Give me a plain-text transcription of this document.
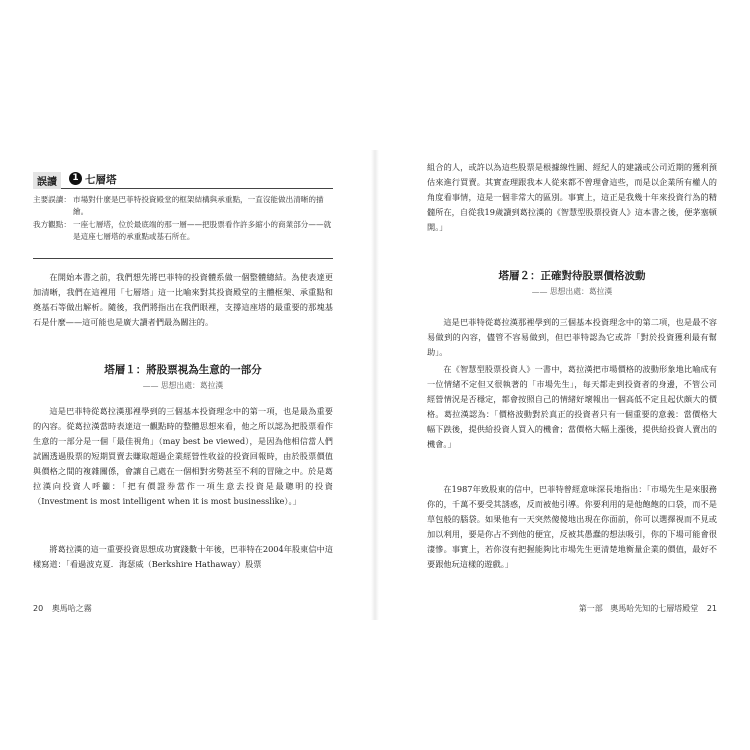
誤讀	1 七層塔
主要誤讀： 市場對什麼是巴菲特投資殿堂的框架結構與承重點，一直沒能做出清晰的描繪。
我方觀點： 一座七層塔，位於最底端的那一層——把股票看作許多縮小的商業部分——就是這座七層塔的承重點或基石所在。

在開始本書之前，我們想先將巴菲特的投資體系做一個整體總結。為使表達更加清晰，我們在這裡用「七層塔」這一比喻來對其投資殿堂的主體框架、承重點和奠基石等做出解析。隨後，我們將指出在我們眼裡，支撐這座塔的最重要的那塊基石是什麼——這可能也是廣大讀者們最為關注的。

塔層１：將股票視為生意的一部分
—— 思想出處：葛拉漢

這是巴菲特從葛拉漢那裡學到的三個基本投資理念中的第一項，也是最為重要的內容。從葛拉漢當時表達這一觀點時的整體思想來看，他之所以認為把股票看作生意的一部分是一個「最佳視角」（may best be viewed），是因為他相信當人們試圖透過股票的短期買賣去賺取超過企業經營性收益的投資回報時，由於股票價值與價格之間的複雜關係，會讓自己處在一個相對劣勢甚至不利的冒險之中。於是葛拉漢向投資人呼籲：「把有價證券當作一項生意去投資是最聰明的投資（Investment is most intelligent when it is most businesslike）。」

將葛拉漢的這一重要投資思想成功實踐數十年後，巴菲特在2004年股東信中這樣寫道：「看過波克夏．海瑟威（Berkshire Hathaway）股票

20 奧馬哈之霧

組合的人，或許以為這些股票是根據線性圖、經紀人的建議或公司近期的獲利預估來進行買賣。其實查理跟我本人從來都不曾理會這些，而是以企業所有權人的角度看事情，這是一個非常大的區別。事實上，這正是我幾十年來投資行為的精髓所在，自從我19歲讀到葛拉漢的《智慧型股票投資人》這本書之後，便茅塞頓開。」

塔層２：正確對待股票價格波動
—— 思想出處：葛拉漢

這是巴菲特從葛拉漢那裡學到的三個基本投資理念中的第二項，也是最不容易做到的內容，儘管不容易做到，但巴菲特認為它或許「對於投資獲利最有幫助」。

在《智慧型股票投資人》一書中，葛拉漢把市場價格的波動形象地比喻成有一位情緒不定但又很執著的「市場先生」，每天都走到投資者的身邊，不管公司經營情況是否穩定，都會按照自己的情緒好壞報出一個高低不定且起伏頗大的價格。葛拉漢認為：「價格波動對於真正的投資者只有一個重要的意義：當價格大幅下跌後，提供給投資人買入的機會；當價格大幅上漲後，提供給投資人賣出的機會。」

在1987年致股東的信中，巴菲特曾經意味深長地指出：「市場先生是來服務你的，千萬不要受其誘惑，反而被他引導。你要利用的是他飽飽的口袋，而不是草包般的腦袋。如果他有一天突然傻傻地出現在你面前，你可以選擇視而不見或加以利用，要是你占不到他的便宜，反被其愚蠢的想法吸引，你的下場可能會很淒慘。事實上，若你沒有把握能夠比市場先生更清楚地衡量企業的價值，最好不要跟他玩這樣的遊戲。」

第一部 奧馬哈先知的七層塔殿堂 21
